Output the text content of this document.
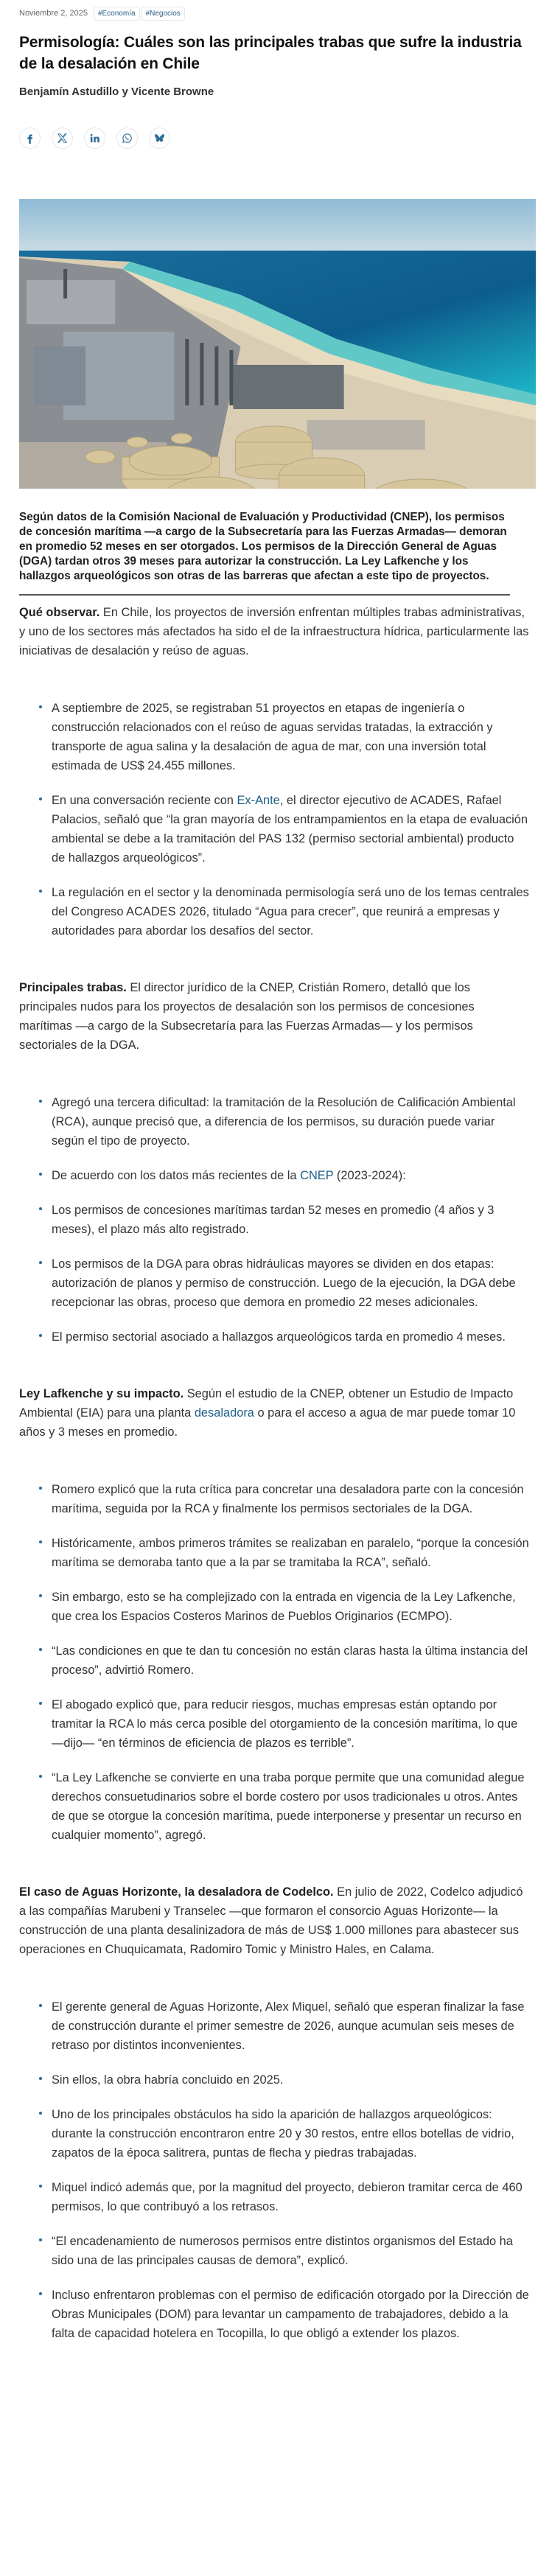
Noviembre 2, 2025	#Economía	#Negocios
Permisología: Cuáles son las principales trabas que sufre la industria de la desalación en Chile
Benjamín Astudillo y Vicente Browne
Según datos de la Comisión Nacional de Evaluación y Productividad (CNEP), los permisos de concesión marítima —a cargo de la Subsecretaría para las Fuerzas Armadas— demoran en promedio 52 meses en ser otorgados. Los permisos de la Dirección General de Aguas (DGA) tardan otros 39 meses para autorizar la construcción. La Ley Lafkenche y los hallazgos arqueológicos son otras de las barreras que afectan a este tipo de proyectos.

Qué observar. En Chile, los proyectos de inversión enfrentan múltiples trabas administrativas, y uno de los sectores más afectados ha sido el de la infraestructura hídrica, particularmente las iniciativas de desalación y reúso de aguas.

A septiembre de 2025, se registraban 51 proyectos en etapas de ingeniería o construcción relacionados con el reúso de aguas servidas tratadas, la extracción y transporte de agua salina y la desalación de agua de mar, con una inversión total estimada de US$ 24.455 millones.
En una conversación reciente con Ex-Ante, el director ejecutivo de ACADES, Rafael Palacios, señaló que “la gran mayoría de los entrampamientos en la etapa de evaluación ambiental se debe a la tramitación del PAS 132 (permiso sectorial ambiental) producto de hallazgos arqueológicos”.
La regulación en el sector y la denominada permisología será uno de los temas centrales del Congreso ACADES 2026, titulado “Agua para crecer”, que reunirá a empresas y autoridades para abordar los desafíos del sector.

Principales trabas. El director jurídico de la CNEP, Cristián Romero, detalló que los principales nudos para los proyectos de desalación son los permisos de concesiones marítimas —a cargo de la Subsecretaría para las Fuerzas Armadas— y los permisos sectoriales de la DGA.

Agregó una tercera dificultad: la tramitación de la Resolución de Calificación Ambiental (RCA), aunque precisó que, a diferencia de los permisos, su duración puede variar según el tipo de proyecto.
De acuerdo con los datos más recientes de la CNEP (2023-2024):
Los permisos de concesiones marítimas tardan 52 meses en promedio (4 años y 3 meses), el plazo más alto registrado.
Los permisos de la DGA para obras hidráulicas mayores se dividen en dos etapas: autorización de planos y permiso de construcción. Luego de la ejecución, la DGA debe recepcionar las obras, proceso que demora en promedio 22 meses adicionales.
El permiso sectorial asociado a hallazgos arqueológicos tarda en promedio 4 meses.

Ley Lafkenche y su impacto. Según el estudio de la CNEP, obtener un Estudio de Impacto Ambiental (EIA) para una planta desaladora o para el acceso a agua de mar puede tomar 10 años y 3 meses en promedio.

Romero explicó que la ruta crítica para concretar una desaladora parte con la concesión marítima, seguida por la RCA y finalmente los permisos sectoriales de la DGA.
Históricamente, ambos primeros trámites se realizaban en paralelo, “porque la concesión marítima se demoraba tanto que a la par se tramitaba la RCA”, señaló.
Sin embargo, esto se ha complejizado con la entrada en vigencia de la Ley Lafkenche, que crea los Espacios Costeros Marinos de Pueblos Originarios (ECMPO).
“Las condiciones en que te dan tu concesión no están claras hasta la última instancia del proceso”, advirtió Romero.
El abogado explicó que, para reducir riesgos, muchas empresas están optando por tramitar la RCA lo más cerca posible del otorgamiento de la concesión marítima, lo que —dijo— “en términos de eficiencia de plazos es terrible”.
“La Ley Lafkenche se convierte en una traba porque permite que una comunidad alegue derechos consuetudinarios sobre el borde costero por usos tradicionales u otros. Antes de que se otorgue la concesión marítima, puede interponerse y presentar un recurso en cualquier momento”, agregó.

El caso de Aguas Horizonte, la desaladora de Codelco. En julio de 2022, Codelco adjudicó a las compañías Marubeni y Transelec —que formaron el consorcio Aguas Horizonte— la construcción de una planta desalinizadora de más de US$ 1.000 millones para abastecer sus operaciones en Chuquicamata, Radomiro Tomic y Ministro Hales, en Calama.

El gerente general de Aguas Horizonte, Alex Miquel, señaló que esperan finalizar la fase de construcción durante el primer semestre de 2026, aunque acumulan seis meses de retraso por distintos inconvenientes.
Sin ellos, la obra habría concluido en 2025.
Uno de los principales obstáculos ha sido la aparición de hallazgos arqueológicos: durante la construcción encontraron entre 20 y 30 restos, entre ellos botellas de vidrio, zapatos de la época salitrera, puntas de flecha y piedras trabajadas.
Miquel indicó además que, por la magnitud del proyecto, debieron tramitar cerca de 460 permisos, lo que contribuyó a los retrasos.
“El encadenamiento de numerosos permisos entre distintos organismos del Estado ha sido una de las principales causas de demora”, explicó.
Incluso enfrentaron problemas con el permiso de edificación otorgado por la Dirección de Obras Municipales (DOM) para levantar un campamento de trabajadores, debido a la falta de capacidad hotelera en Tocopilla, lo que obligó a extender los plazos.
